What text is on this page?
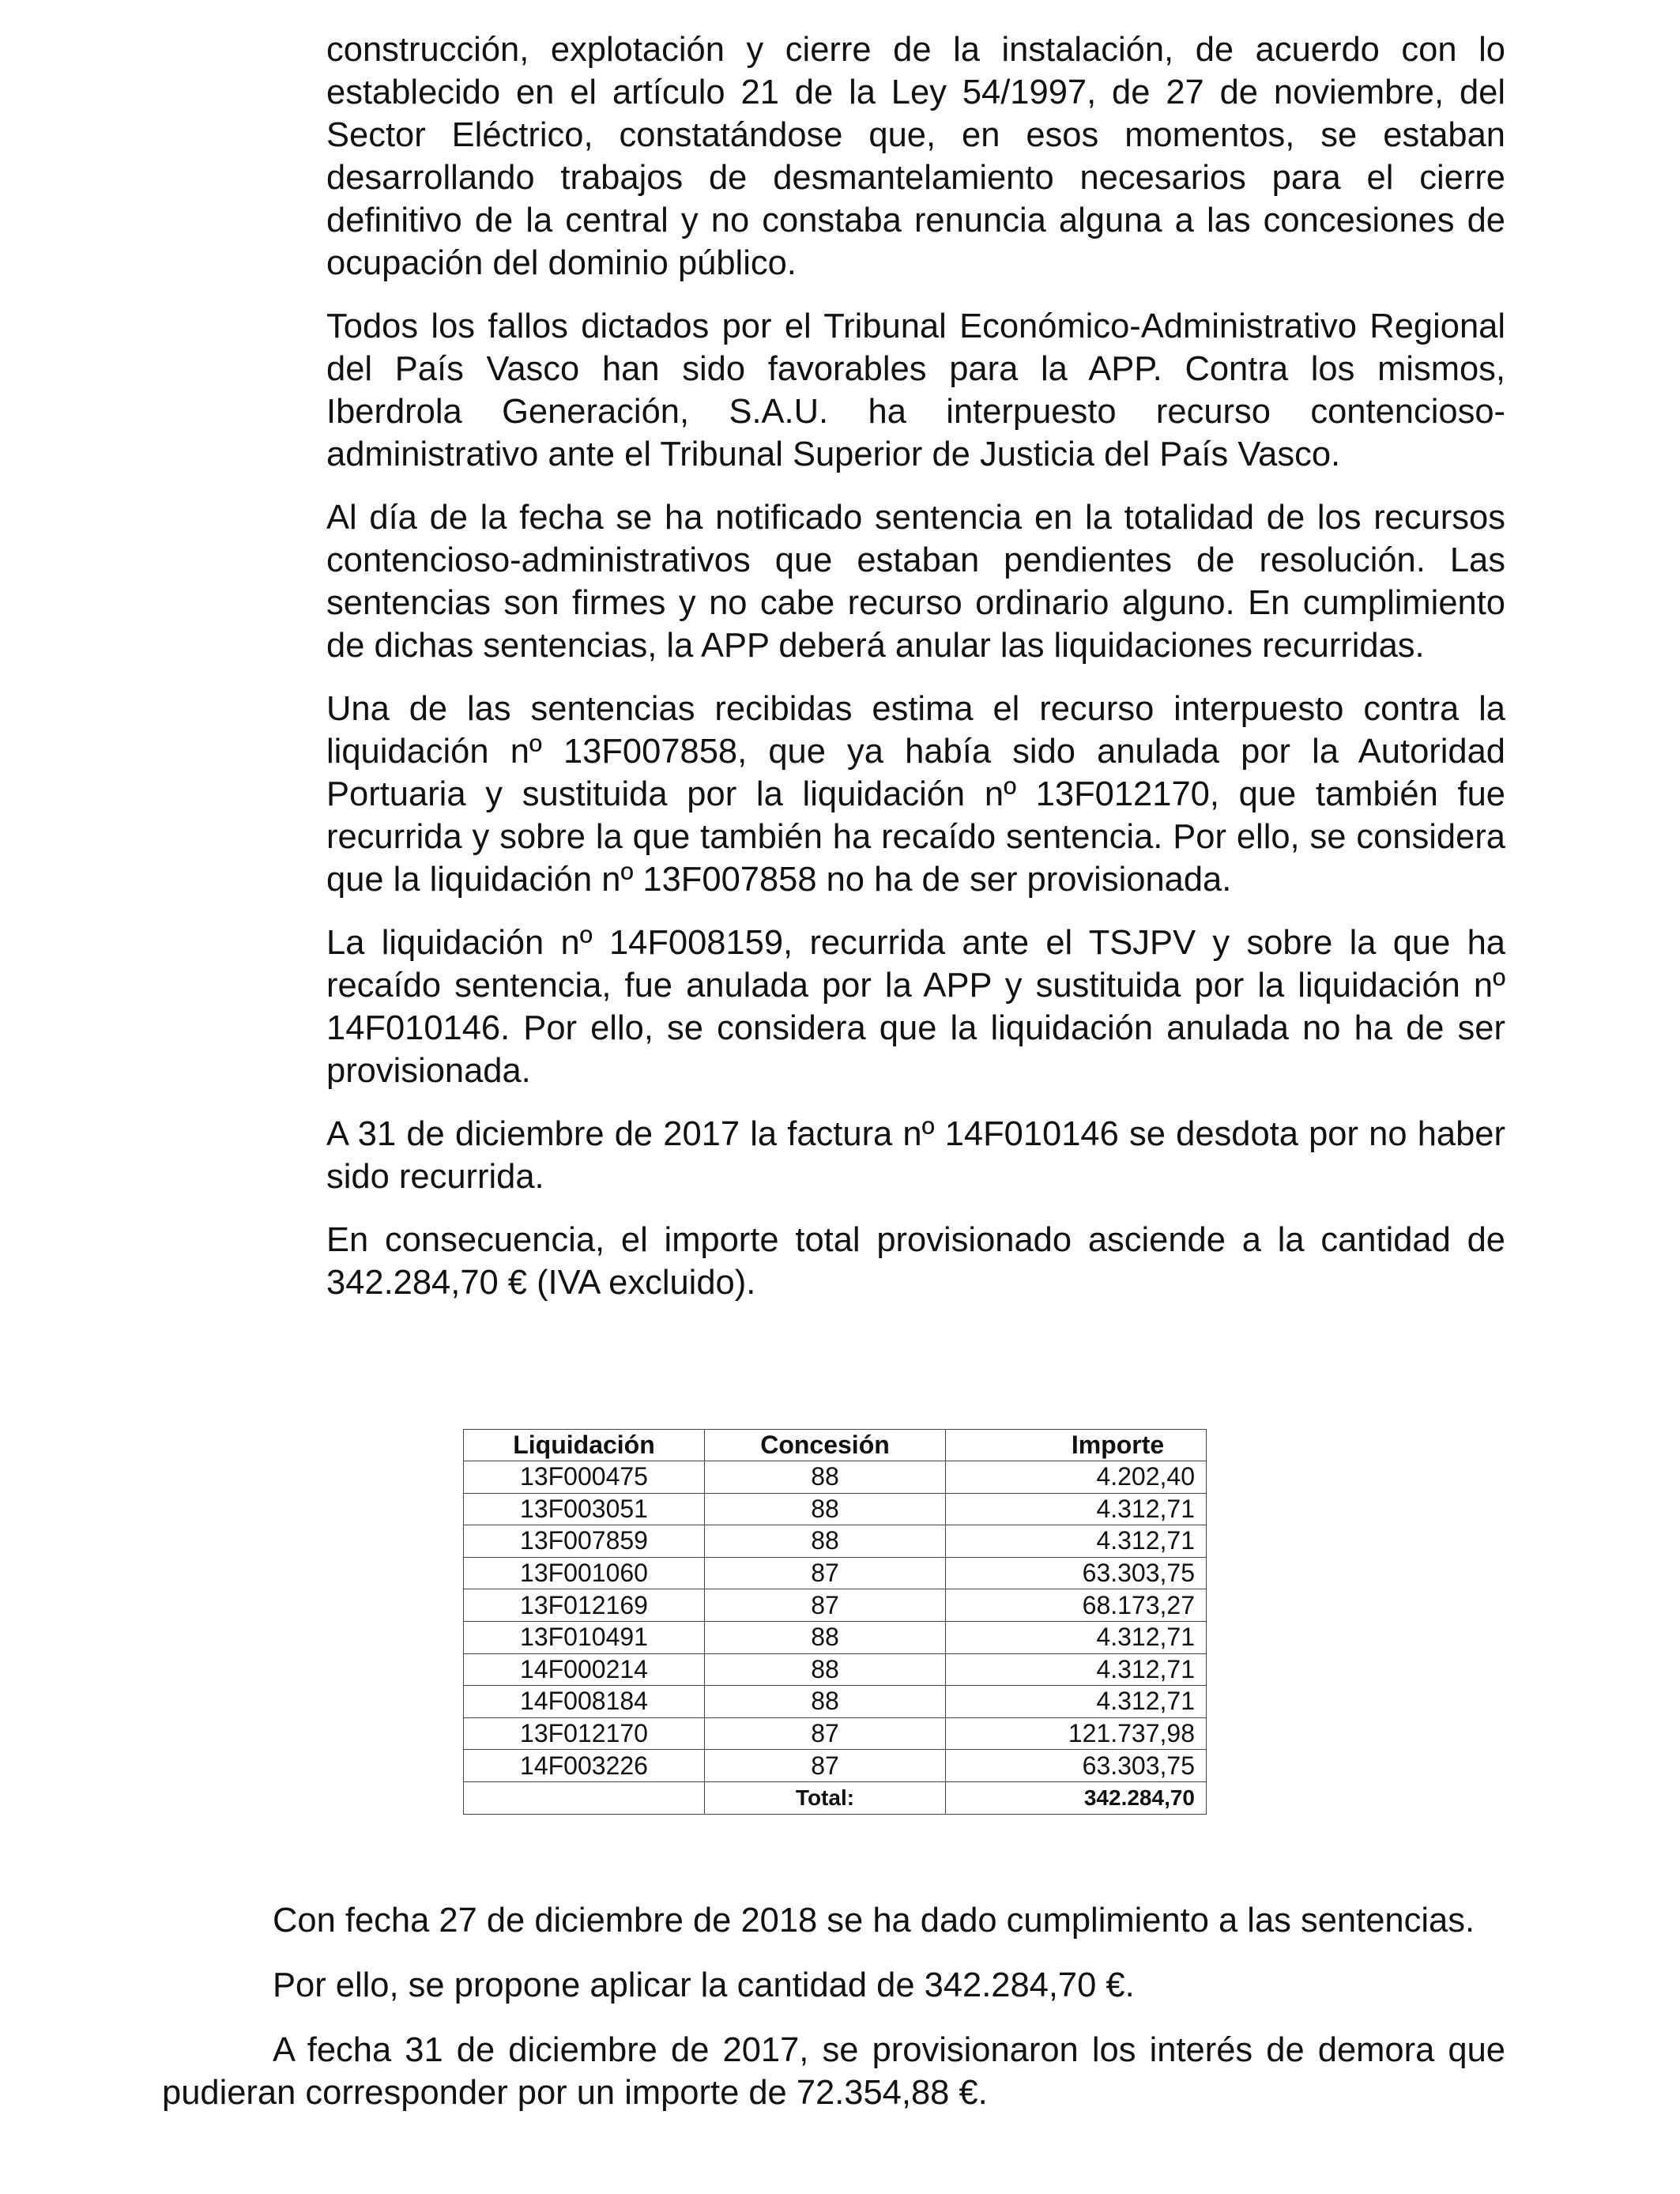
construcción, explotación y cierre de la instalación, de acuerdo con lo establecido en el artículo 21 de la Ley 54/1997, de 27 de noviembre, del Sector Eléctrico, constatándose que, en esos momentos, se estaban desarrollando trabajos de desmantelamiento necesarios para el cierre definitivo de la central y no constaba renuncia alguna a las concesiones de ocupación del dominio público.

Todos los fallos dictados por el Tribunal Económico-Administrativo Regional del País Vasco han sido favorables para la APP. Contra los mismos, Iberdrola Generación, S.A.U. ha interpuesto recurso contencioso-administrativo ante el Tribunal Superior de Justicia del País Vasco.

Al día de la fecha se ha notificado sentencia en la totalidad de los recursos contencioso-administrativos que estaban pendientes de resolución. Las sentencias son firmes y no cabe recurso ordinario alguno. En cumplimiento de dichas sentencias, la APP deberá anular las liquidaciones recurridas.

Una de las sentencias recibidas estima el recurso interpuesto contra la liquidación nº 13F007858, que ya había sido anulada por la Autoridad Portuaria y sustituida por la liquidación nº 13F012170, que también fue recurrida y sobre la que también ha recaído sentencia. Por ello, se considera que la liquidación nº 13F007858 no ha de ser provisionada.

La liquidación nº 14F008159, recurrida ante el TSJPV y sobre la que ha recaído sentencia, fue anulada por la APP y sustituida por la liquidación nº 14F010146. Por ello, se considera que la liquidación anulada no ha de ser provisionada.

A 31 de diciembre de 2017 la factura nº 14F010146 se desdota por no haber sido recurrida.

En consecuencia, el importe total provisionado asciende a la cantidad de 342.284,70 € (IVA excluido).

Liquidación	Concesión	Importe
13F000475	88	4.202,40
13F003051	88	4.312,71
13F007859	88	4.312,71
13F001060	87	63.303,75
13F012169	87	68.173,27
13F010491	88	4.312,71
14F000214	88	4.312,71
14F008184	88	4.312,71
13F012170	87	121.737,98
14F003226	87	63.303,75
	Total:	342.284,70

Con fecha 27 de diciembre de 2018 se ha dado cumplimiento a las sentencias.

Por ello, se propone aplicar la cantidad de 342.284,70 €.

A fecha 31 de diciembre de 2017, se provisionaron los interés de demora que pudieran corresponder por un importe de 72.354,88 €.
